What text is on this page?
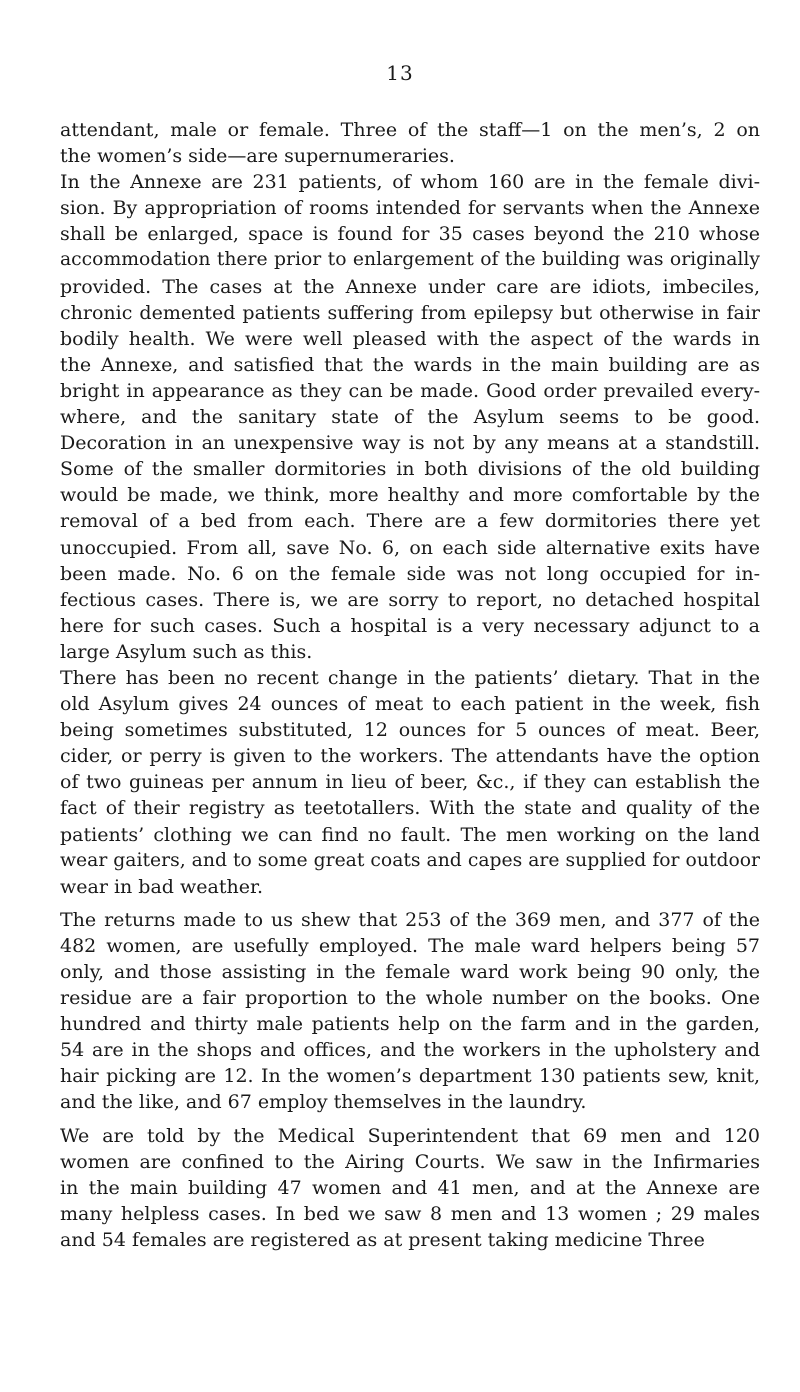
13
attendant, male or female. Three of the staff—1 on the men’s, 2 on
the women’s side—are supernumeraries.
In the Annexe are 231 patients, of whom 160 are in the female divi-
sion. By appropriation of rooms intended for servants when the Annexe
shall be enlarged, space is found for 35 cases beyond the 210 whose
accommodation there prior to enlargement of the building was originally
provided. The cases at the Annexe under care are idiots, imbeciles,
chronic demented patients suffering from epilepsy but otherwise in fair
bodily health. We were well pleased with the aspect of the wards in
the Annexe, and satisfied that the wards in the main building are as
bright in appearance as they can be made. Good order prevailed every-
where, and the sanitary state of the Asylum seems to be good.
Decoration in an unexpensive way is not by any means at a standstill.
Some of the smaller dormitories in both divisions of the old building
would be made, we think, more healthy and more comfortable by the
removal of a bed from each. There are a few dormitories there yet
unoccupied. From all, save No. 6, on each side alternative exits have
been made. No. 6 on the female side was not long occupied for in-
fectious cases. There is, we are sorry to report, no detached hospital
here for such cases. Such a hospital is a very necessary adjunct to a
large Asylum such as this.
There has been no recent change in the patients’ dietary. That in the
old Asylum gives 24 ounces of meat to each patient in the week, fish
being sometimes substituted, 12 ounces for 5 ounces of meat. Beer,
cider, or perry is given to the workers. The attendants have the option
of two guineas per annum in lieu of beer, &c., if they can establish the
fact of their registry as teetotallers. With the state and quality of the
patients’ clothing we can find no fault. The men working on the land
wear gaiters, and to some great coats and capes are supplied for outdoor
wear in bad weather.
The returns made to us shew that 253 of the 369 men, and 377 of the
482 women, are usefully employed. The male ward helpers being 57
only, and those assisting in the female ward work being 90 only, the
residue are a fair proportion to the whole number on the books. One
hundred and thirty male patients help on the farm and in the garden,
54 are in the shops and offices, and the workers in the upholstery and
hair picking are 12. In the women’s department 130 patients sew, knit,
and the like, and 67 employ themselves in the laundry.
We are told by the Medical Superintendent that 69 men and 120
women are confined to the Airing Courts. We saw in the Infirmaries
in the main building 47 women and 41 men, and at the Annexe are
many helpless cases. In bed we saw 8 men and 13 women ; 29 males
and 54 females are registered as at present taking medicine Three
